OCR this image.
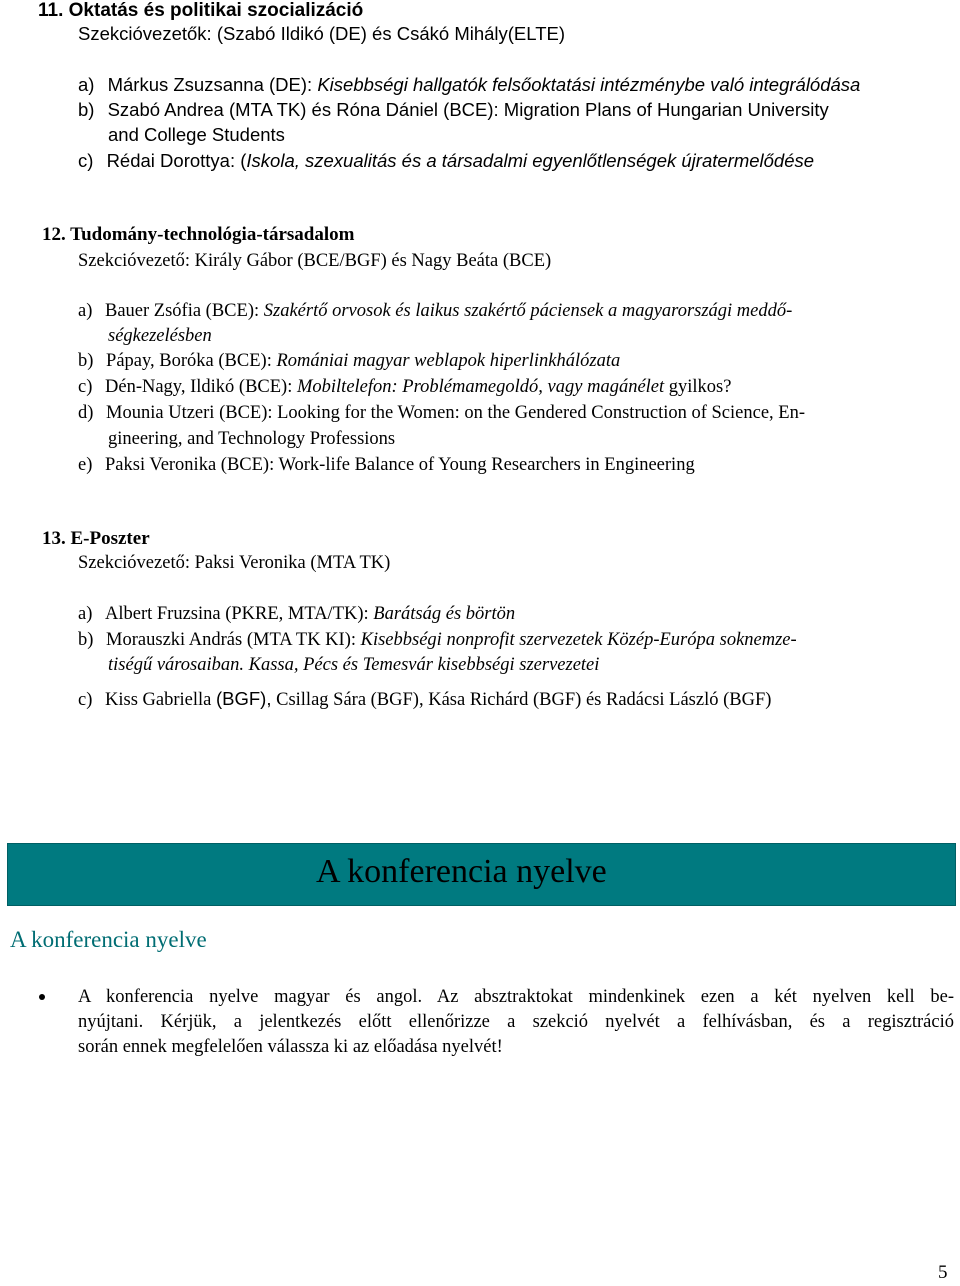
11. Oktatás és politikai szocializáció
Szekcióvezetők: (Szabó Ildikó (DE) és Csákó Mihály(ELTE)
a) Márkus Zsuzsanna (DE): Kisebbségi hallgatók felsőoktatási intézménybe való integrálódása
b) Szabó Andrea (MTA TK) és Róna Dániel (BCE): Migration Plans of Hungarian University
and College Students
c) Rédai Dorottya: (Iskola, szexualitás és a társadalmi egyenlőtlenségek újratermelődése
12. Tudomány-technológia-társadalom
Szekcióvezető: Király Gábor (BCE/BGF) és Nagy Beáta (BCE)
a) Bauer Zsófia (BCE): Szakértő orvosok és laikus szakértő páciensek a magyarországi meddő-
ségkezelésben
b) Pápay, Boróka (BCE): Romániai magyar weblapok hiperlinkhálózata
c) Dén-Nagy, Ildikó (BCE): Mobiltelefon: Problémamegoldó, vagy magánélet gyilkos?
d) Mounia Utzeri (BCE): Looking for the Women: on the Gendered Construction of Science, En-
gineering, and Technology Professions
e) Paksi Veronika (BCE): Work-life Balance of Young Researchers in Engineering
13. E-Poszter
Szekcióvezető: Paksi Veronika (MTA TK)
a) Albert Fruzsina (PKRE, MTA/TK): Barátság és börtön
b) Morauszki András (MTA TK KI): Kisebbségi nonprofit szervezetek Közép-Európa soknemze-
tiségű városaiban. Kassa, Pécs és Temesvár kisebbségi szervezetei
c) Kiss Gabriella (BGF), Csillag Sára (BGF), Kása Richárd (BGF) és Radácsi László (BGF)
A konferencia nyelve
A konferencia nyelve
A konferencia nyelve magyar és angol. Az absztraktokat mindenkinek ezen a két nyelven kell be-
nyújtani. Kérjük, a jelentkezés előtt ellenőrizze a szekció nyelvét a felhívásban, és a regisztráció
során ennek megfelelően válassza ki az előadása nyelvét!
5
